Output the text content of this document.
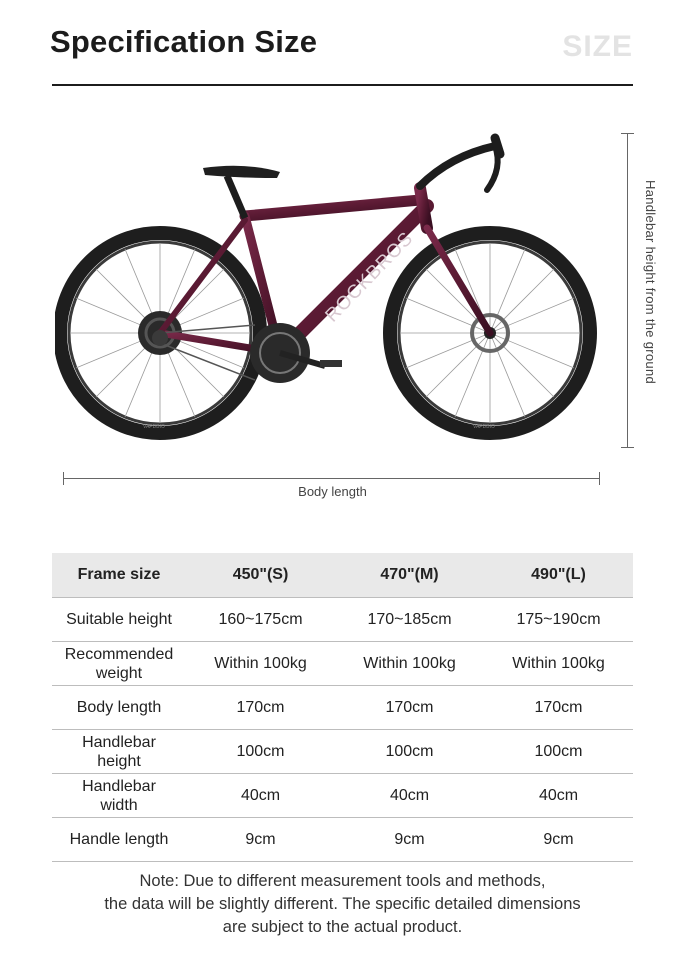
Specification Size	SIZE
ROCKBROS
VAPDBIO	VAPDBIO
Handlebar height from the ground
Body length
Frame size	450"(S)	470"(M)	490"(L)
Suitable height	160~175cm	170~185cm	175~190cm
Recommended weight	Within 100kg	Within 100kg	Within 100kg
Body length	170cm	170cm	170cm
Handlebar height	100cm	100cm	100cm
Handlebar width	40cm	40cm	40cm
Handle length	9cm	9cm	9cm
Note: Due to different measurement tools and methods,
the data will be slightly different. The specific detailed dimensions
are subject to the actual product.
